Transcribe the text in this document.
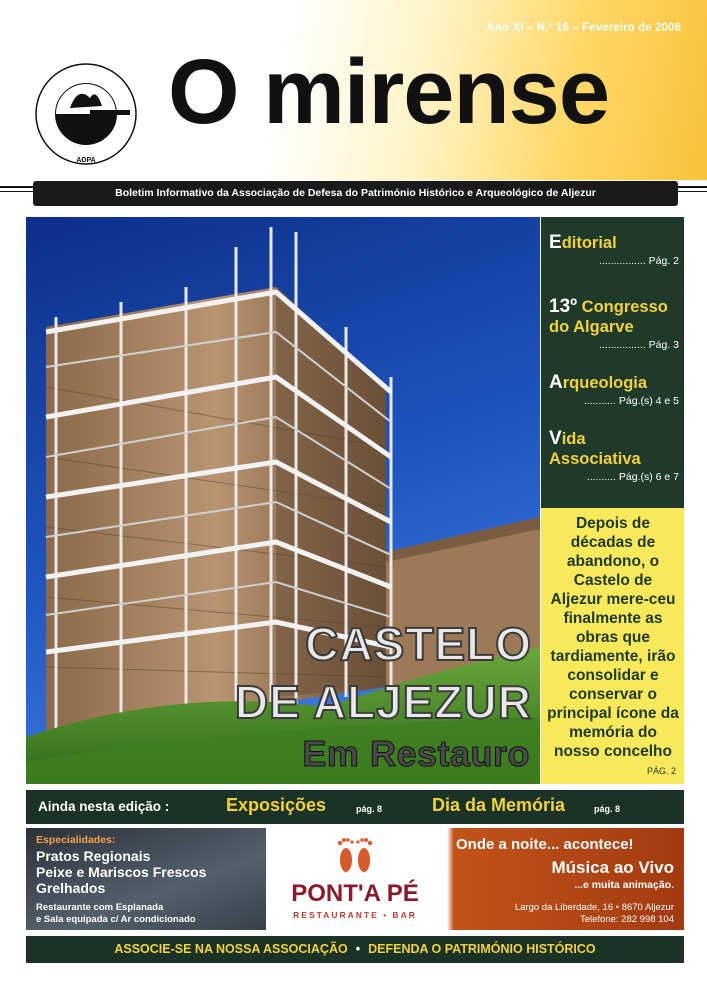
Ano XI – N.º 16 – Fevereiro de 2008
ADPA
O mirense
Boletim Informativo da Associação de Defesa do Património Histórico e Arqueológico de Aljezur
CASTELO
DE ALJEZUR
Em Restauro
Editorial
................ Pág. 2
13º Congresso do Algarve
................ Pág. 3
Arqueologia
........... Pág.(s) 4 e 5
Vida Associativa
.......... Pág.(s) 6 e 7
Depois de décadas de abandono, o Castelo de Aljezur mere-ceu finalmente as obras que tardiamente, irão consolidar e conservar o principal ícone da memória do nosso concelho
PÁG. 2
Ainda nesta edição :	Exposições	pág. 8	Dia da Memória	pág. 8
Especialidades:
Pratos Regionais
Peixe e Mariscos Frescos
Grelhados
Restaurante com Esplanada
e Sala equipada c/ Ar condicionado
PONT'A PÉ
RESTAURANTE • BAR
Onde a noite... acontece!
Música ao Vivo
...e muita animação.
Largo da Liberdade, 16 • 8670 Aljezur
Telefone: 282 998 104
ASSOCIE-SE NA NOSSA ASSOCIAÇÃO • DEFENDA O PATRIMÓNIO HISTÓRICO
